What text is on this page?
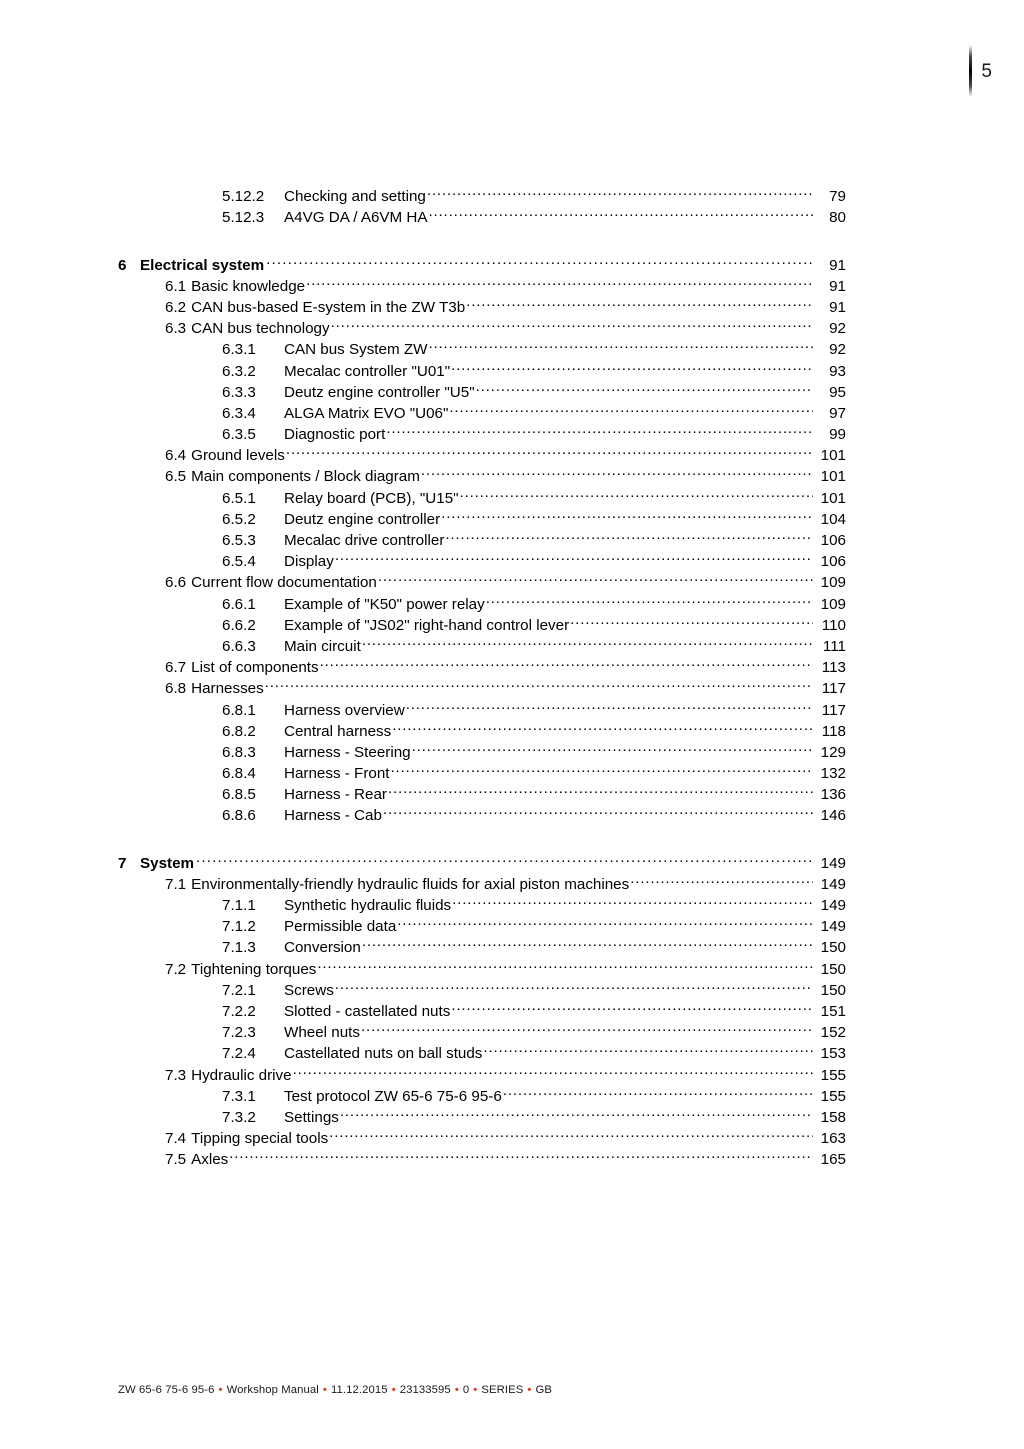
5
5.12.2	Checking and setting .....	79
5.12.3	A4VG DA / A6VM HA .....	80
6 Electrical system .....	91
6.1 Basic knowledge .....	91
6.2 CAN bus-based E-system in the ZW T3b .....	91
6.3 CAN bus technology .....	92
6.3.1	CAN bus System ZW .....	92
6.3.2	Mecalac controller "U01" .....	93
6.3.3	Deutz engine controller "U5" .....	95
6.3.4	ALGA Matrix EVO "U06" .....	97
6.3.5	Diagnostic port .....	99
6.4 Ground levels .....	101
6.5 Main components / Block diagram .....	101
6.5.1	Relay board (PCB), "U15" .....	101
6.5.2	Deutz engine controller .....	104
6.5.3	Mecalac drive controller .....	106
6.5.4	Display .....	106
6.6 Current flow documentation .....	109
6.6.1	Example of "K50" power relay .....	109
6.6.2	Example of "JS02" right-hand control lever .....	110
6.6.3	Main circuit .....	111
6.7 List of components .....	113
6.8 Harnesses .....	117
6.8.1	Harness overview .....	117
6.8.2	Central harness .....	118
6.8.3	Harness - Steering .....	129
6.8.4	Harness - Front .....	132
6.8.5	Harness - Rear .....	136
6.8.6	Harness - Cab .....	146
7 System .....	149
7.1 Environmentally-friendly hydraulic fluids for axial piston machines .....	149
7.1.1	Synthetic hydraulic fluids .....	149
7.1.2	Permissible data .....	149
7.1.3	Conversion .....	150
7.2 Tightening torques .....	150
7.2.1	Screws .....	150
7.2.2	Slotted - castellated nuts .....	151
7.2.3	Wheel nuts .....	152
7.2.4	Castellated nuts on ball studs .....	153
7.3 Hydraulic drive .....	155
7.3.1	Test protocol ZW 65-6 75-6 95-6 .....	155
7.3.2	Settings .....	158
7.4 Tipping special tools .....	163
7.5 Axles .....	165
ZW 65-6 75-6 95-6 • Workshop Manual • 11.12.2015 • 23133595 • 0 • SERIES • GB
